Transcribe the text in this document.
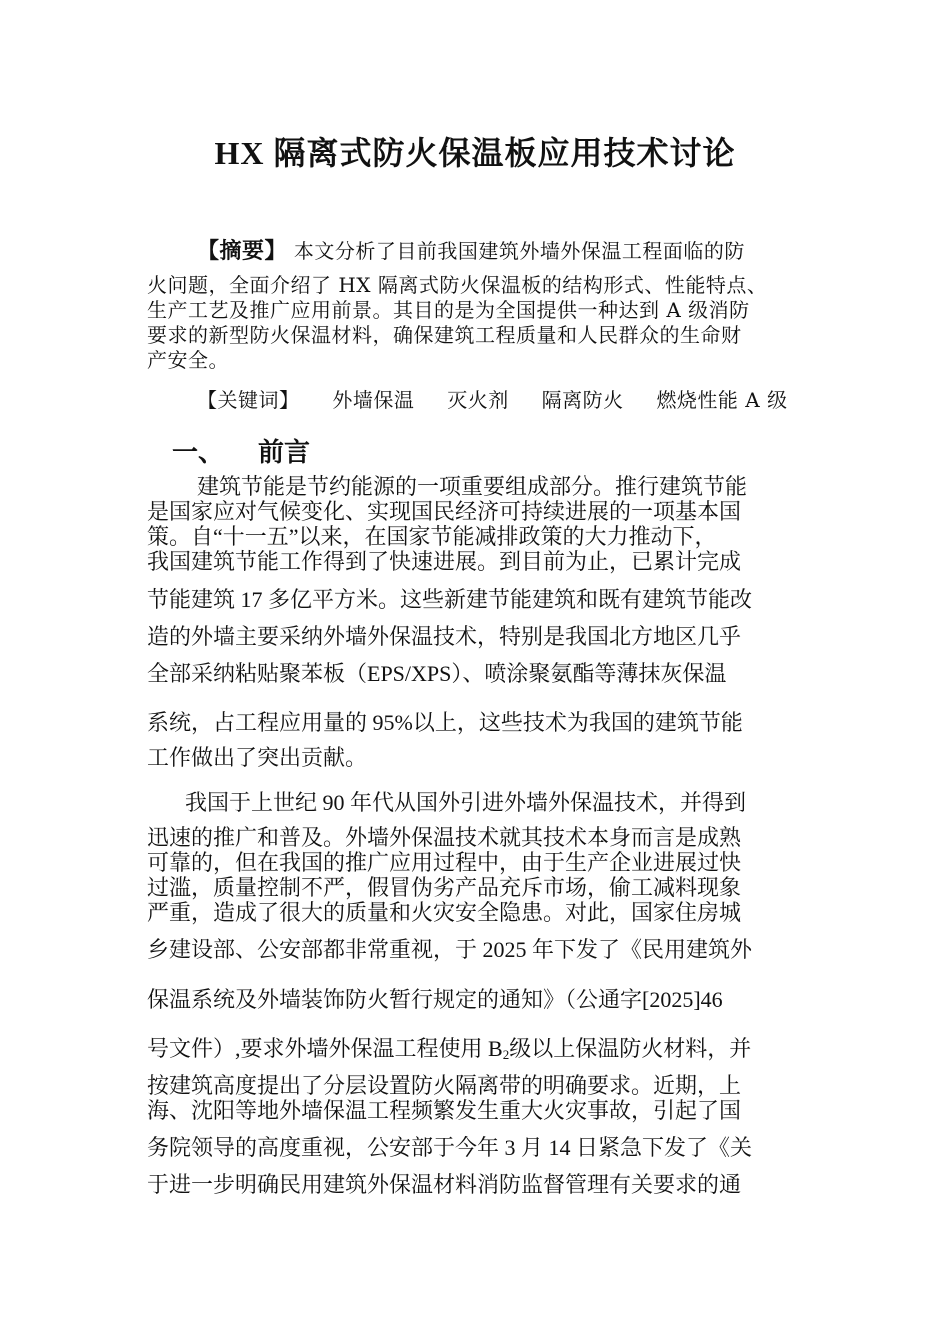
HX 隔离式防火保温板应用技术讨论
【摘要】 本文分析了目前我国建筑外墙外保温工程面临的防
火问题，全面介绍了 HX 隔离式防火保温板的结构形式、性能特点、
生产工艺及推广应用前景。其目的是为全国提供一种达到 A 级消防
要求的新型防火保温材料，确保建筑工程质量和人民群众的生命财
产安全。
【关键词】 外墙保温 灭火剂 隔离防火 燃烧性能 A 级
一、 前言
建筑节能是节约能源的一项重要组成部分。推行建筑节能
是国家应对气候变化、实现国民经济可持续进展的一项基本国
策。自“十一五”以来，在国家节能减排政策的大力推动下，
我国建筑节能工作得到了快速进展。到目前为止，已累计完成
节能建筑 17 多亿平方米。这些新建节能建筑和既有建筑节能改
造的外墙主要采纳外墙外保温技术，特别是我国北方地区几乎
全部采纳粘贴聚苯板（EPS/XPS）、喷涂聚氨酯等薄抹灰保温
系统，占工程应用量的 95%以上，这些技术为我国的建筑节能
工作做出了突出贡献。
我国于上世纪 90 年代从国外引进外墙外保温技术，并得到
迅速的推广和普及。外墙外保温技术就其技术本身而言是成熟
可靠的，但在我国的推广应用过程中，由于生产企业进展过快
过滥，质量控制不严，假冒伪劣产品充斥市场，偷工减料现象
严重，造成了很大的质量和火灾安全隐患。对此，国家住房城
乡建设部、公安部都非常重视，于 2025 年下发了《民用建筑外
保温系统及外墙装饰防火暂行规定的通知》（公通字[2025]46
号文件）,要求外墙外保温工程使用 $B_2$级以上保温防火材料，并
按建筑高度提出了分层设置防火隔离带的明确要求。近期，上
海、沈阳等地外墙保温工程频繁发生重大火灾事故，引起了国
务院领导的高度重视，公安部于今年 3 月 14 日紧急下发了《关
于进一步明确民用建筑外保温材料消防监督管理有关要求的通
